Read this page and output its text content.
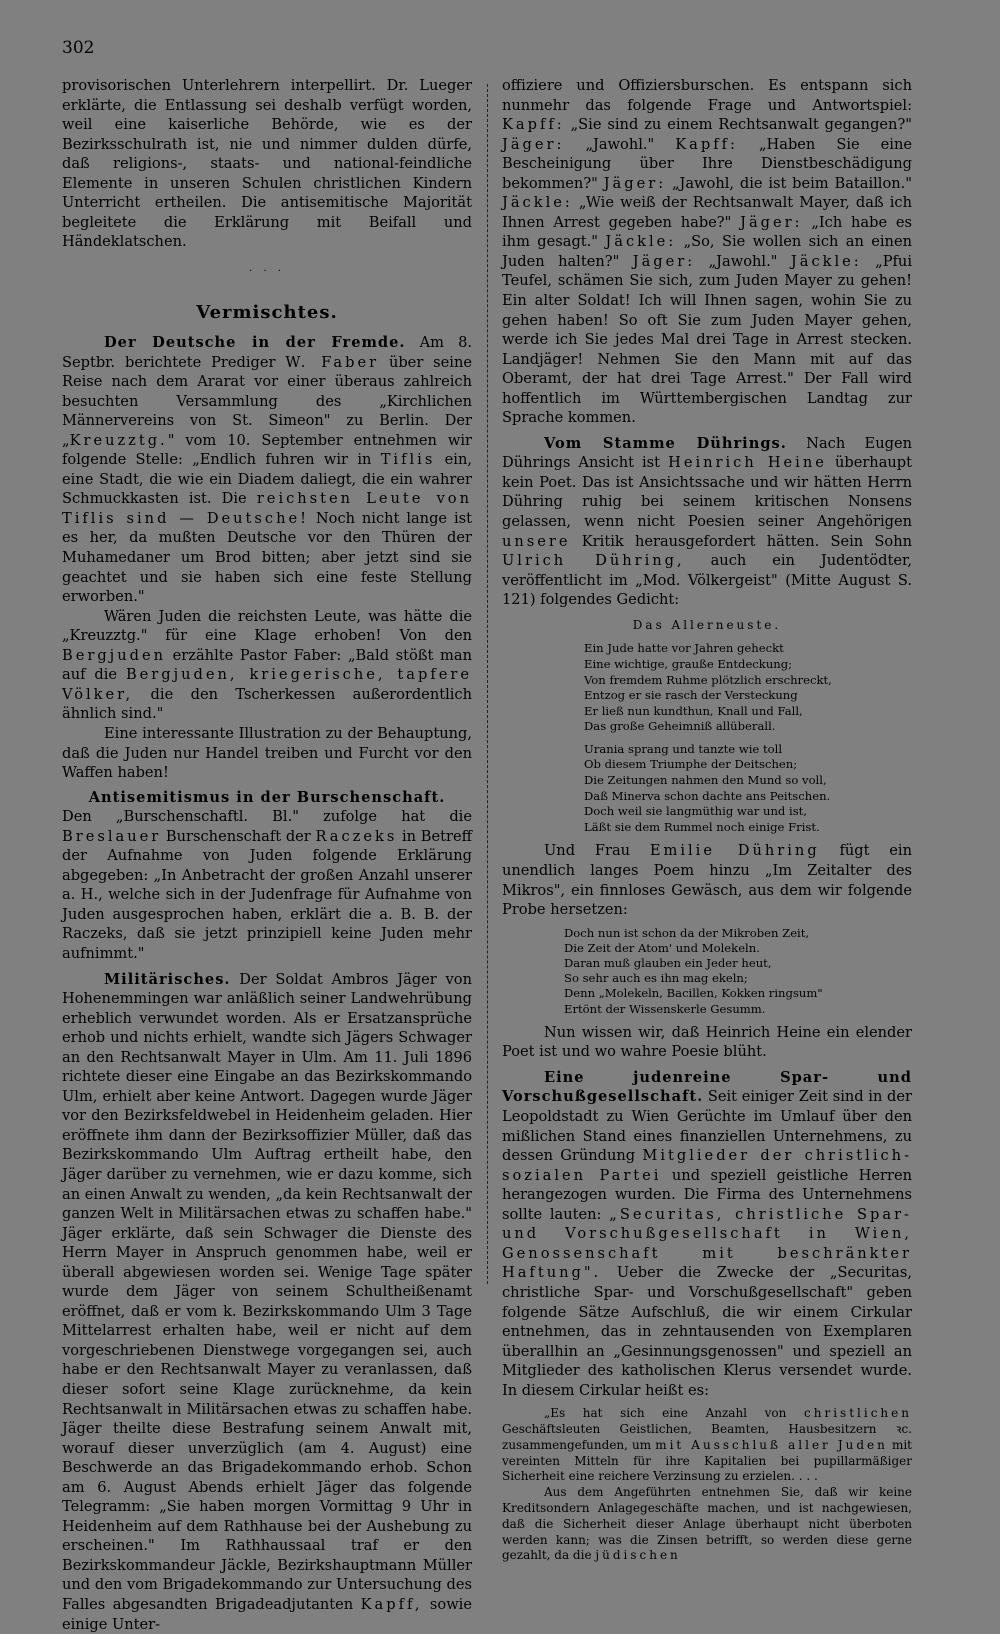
302

provisorischen Unterlehrern interpellirt. Dr. Lueger erklärte, die Entlassung sei deshalb verfügt worden, weil eine kaiserliche Behörde, wie es der Bezirksschulrath ist, nie und nimmer dulden dürfe, daß religions-, staats- und national-feindliche Elemente in unseren Schulen christlichen Kindern Unterricht ertheilen. Die antisemitische Majorität begleitete die Erklärung mit Beifall und Händeklatschen.

· · ·
Vermischtes.

Der Deutsche in der Fremde. Am 8. Septbr. berichtete Prediger W. Faber über seine Reise nach dem Ararat vor einer überaus zahlreich besuchten Versammlung des „Kirchlichen Männervereins von St. Simeon" zu Berlin. Der „Kreuzztg." vom 10. September entnehmen wir folgende Stelle: „Endlich fuhren wir in Tiflis ein, eine Stadt, die wie ein Diadem daliegt, die ein wahrer Schmuckkasten ist. Die reichsten Leute von Tiflis sind — Deutsche! Noch nicht lange ist es her, da mußten Deutsche vor den Thüren der Muhamedaner um Brod bitten; aber jetzt sind sie geachtet und sie haben sich eine feste Stellung erworben."

Wären Juden die reichsten Leute, was hätte die „Kreuzztg." für eine Klage erhoben! Von den Bergjuden erzählte Pastor Faber: „Bald stößt man auf die Bergjuden, kriegerische, tapfere Völker, die den Tscherkessen außerordentlich ähnlich sind."

Eine interessante Illustration zu der Behauptung, daß die Juden nur Handel treiben und Furcht vor den Waffen haben!

Antisemitismus in der Burschenschaft.

Den „Burschenschaftl. Bl." zufolge hat die Breslauer Burschenschaft der Raczeks in Betreff der Aufnahme von Juden folgende Erklärung abgegeben: „In Anbetracht der großen Anzahl unserer a. H., welche sich in der Judenfrage für Aufnahme von Juden ausgesprochen haben, erklärt die a. B. B. der Raczeks, daß sie jetzt prinzipiell keine Juden mehr aufnimmt."

Militärisches. Der Soldat Ambros Jäger von Hohenemmingen war anläßlich seiner Landwehrübung erheblich verwundet worden. Als er Ersatzansprüche erhob und nichts erhielt, wandte sich Jägers Schwager an den Rechtsanwalt Mayer in Ulm. Am 11. Juli 1896 richtete dieser eine Eingabe an das Bezirkskommando Ulm, erhielt aber keine Antwort. Dagegen wurde Jäger vor den Bezirksfeldwebel in Heidenheim geladen. Hier eröffnete ihm dann der Bezirksoffizier Müller, daß das Bezirkskommando Ulm Auftrag ertheilt habe, den Jäger darüber zu vernehmen, wie er dazu komme, sich an einen Anwalt zu wenden, „da kein Rechtsanwalt der ganzen Welt in Militärsachen etwas zu schaffen habe." Jäger erklärte, daß sein Schwager die Dienste des Herrn Mayer in Anspruch genommen habe, weil er überall abgewiesen worden sei. Wenige Tage später wurde dem Jäger von seinem Schultheißenamt eröffnet, daß er vom k. Bezirkskommando Ulm 3 Tage Mittelarrest erhalten habe, weil er nicht auf dem vorgeschriebenen Dienstwege vorgegangen sei, auch habe er den Rechtsanwalt Mayer zu veranlassen, daß dieser sofort seine Klage zurücknehme, da kein Rechtsanwalt in Militärsachen etwas zu schaffen habe. Jäger theilte diese Bestrafung seinem Anwalt mit, worauf dieser unverzüglich (am 4. August) eine Beschwerde an das Brigadekommando erhob. Schon am 6. August Abends erhielt Jäger das folgende Telegramm: „Sie haben morgen Vormittag 9 Uhr in Heidenheim auf dem Rathhause bei der Aushebung zu erscheinen." Im Rathhaussaal traf er den Bezirkskommandeur Jäckle, Bezirkshauptmann Müller und den vom Brigadekommando zur Untersuchung des Falles abgesandten Brigadeadjutanten Kapff, sowie einige Unter-

offiziere und Offiziersburschen. Es entspann sich nunmehr das folgende Frage und Antwortspiel: Kapff: „Sie sind zu einem Rechtsanwalt gegangen?" Jäger: „Jawohl." Kapff: „Haben Sie eine Bescheinigung über Ihre Dienstbeschädigung bekommen?" Jäger: „Jawohl, die ist beim Bataillon." Jäckle: „Wie weiß der Rechtsanwalt Mayer, daß ich Ihnen Arrest gegeben habe?" Jäger: „Ich habe es ihm gesagt." Jäckle: „So, Sie wollen sich an einen Juden halten?" Jäger: „Jawohl." Jäckle: „Pfui Teufel, schämen Sie sich, zum Juden Mayer zu gehen! Ein alter Soldat! Ich will Ihnen sagen, wohin Sie zu gehen haben! So oft Sie zum Juden Mayer gehen, werde ich Sie jedes Mal drei Tage in Arrest stecken. Landjäger! Nehmen Sie den Mann mit auf das Oberamt, der hat drei Tage Arrest." Der Fall wird hoffentlich im Württembergischen Landtag zur Sprache kommen.

Vom Stamme Dührings. Nach Eugen Dührings Ansicht ist Heinrich Heine überhaupt kein Poet. Das ist Ansichtssache und wir hätten Herrn Dühring ruhig bei seinem kritischen Nonsens gelassen, wenn nicht Poesien seiner Angehörigen unsere Kritik herausgefordert hätten. Sein Sohn Ulrich Dühring, auch ein Judentödter, veröffentlicht im „Mod. Völkergeist" (Mitte August S. 121) folgendes Gedicht:

Das Allerneuste.
Ein Jude hatte vor Jahren geheckt
Eine wichtige, grauße Entdeckung;
Von fremdem Ruhme plötzlich erschreckt,
Entzog er sie rasch der Versteckung
Er ließ nun kundthun, Knall und Fall,
Das große Geheimniß allüberall.
Urania sprang und tanzte wie toll
Ob diesem Triumphe der Deitschen;
Die Zeitungen nahmen den Mund so voll,
Daß Minerva schon dachte ans Peitschen.
Doch weil sie langmüthig war und ist,
Läßt sie dem Rummel noch einige Frist.

Und Frau Emilie Dühring fügt ein unendlich langes Poem hinzu „Im Zeitalter des Mikros", ein finnloses Gewäsch, aus dem wir folgende Probe hersetzen:

Doch nun ist schon da der Mikroben Zeit,
Die Zeit der Atom' und Molekeln.
Daran muß glauben ein Jeder heut,
So sehr auch es ihn mag ekeln;
Denn „Molekeln, Bacillen, Kokken ringsum"
Ertönt der Wissenskerle Gesumm.

Nun wissen wir, daß Heinrich Heine ein elender Poet ist und wo wahre Poesie blüht.

Eine judenreine Spar- und Vorschußgesellschaft. Seit einiger Zeit sind in der Leopoldstadt zu Wien Gerüchte im Umlauf über den mißlichen Stand eines finanziellen Unternehmens, zu dessen Gründung Mitglieder der christlich-sozialen Partei und speziell geistliche Herren herangezogen wurden. Die Firma des Unternehmens sollte lauten: „Securitas, christliche Spar- und Vorschußgesellschaft in Wien, Genossenschaft mit beschränkter Haftung". Ueber die Zwecke der „Securitas, christliche Spar- und Vorschußgesellschaft" geben folgende Sätze Aufschluß, die wir einem Cirkular entnehmen, das in zehntausenden von Exemplaren überallhin an „Gesinnungsgenossen" und speziell an Mitglieder des katholischen Klerus versendet wurde. In diesem Cirkular heißt es:

„Es hat sich eine Anzahl von christlichen Geschäftsleuten Geistlichen, Beamten, Hausbesitzern ꝛc. zusammengefunden, um mit Ausschluß aller Juden mit vereinten Mitteln für ihre Kapitalien bei pupillarmäßiger Sicherheit eine reichere Verzinsung zu erzielen. . . .

Aus dem Angeführten entnehmen Sie, daß wir keine Kreditsondern Anlagegeschäfte machen, und ist nachgewiesen, daß die Sicherheit dieser Anlage überhaupt nicht überboten werden kann; was die Zinsen betrifft, so werden diese gerne gezahlt, da die jüdischen
